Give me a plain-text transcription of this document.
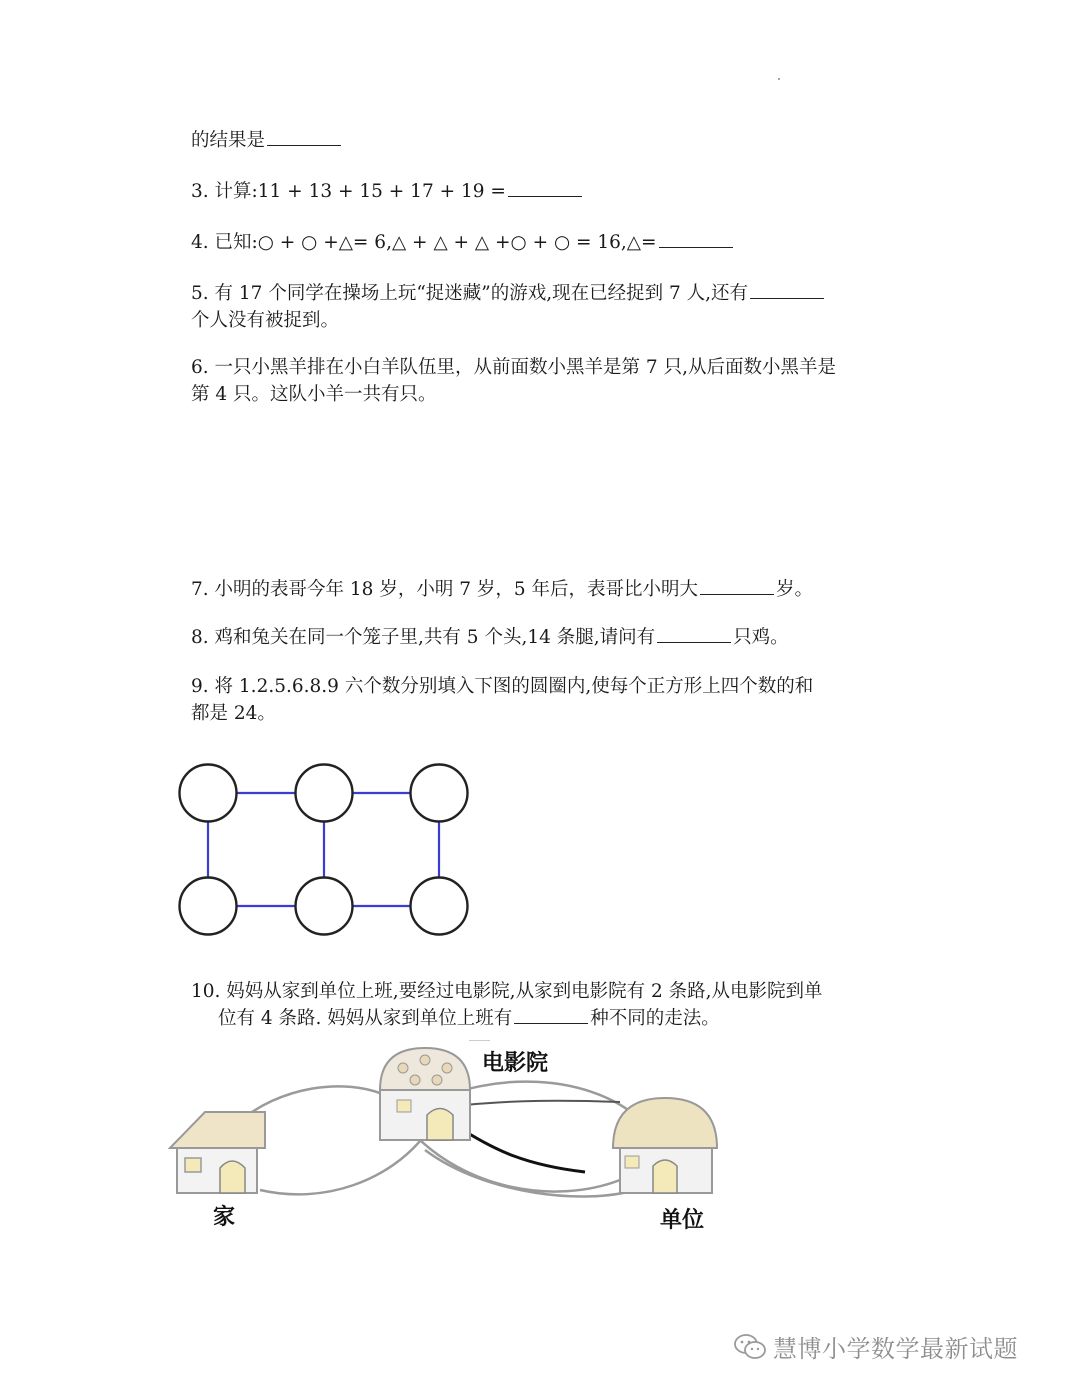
的结果是
3. 计算:11 + 13 + 15 + 17 + 19 =
4. 已知:○ + ○ +△= 6,△ + △ + △ +○ + ○ = 16,△=
5. 有 17 个同学在操场上玩“捉迷藏”的游戏,现在已经捉到 7 人,还有
个人没有被捉到。
6. 一只小黑羊排在小白羊队伍里，从前面数小黑羊是第 7 只,从后面数小黑羊是
第 4 只。这队小羊一共有只。
7. 小明的表哥今年 18 岁，小明 7 岁，5 年后，表哥比小明大	岁。
8. 鸡和兔关在同一个笼子里,共有 5 个头,14 条腿,请问有	只鸡。
9. 将 1.2.5.6.8.9 六个数分别填入下图的圆圈内,使每个正方形上四个数的和
都是 24。
10. 妈妈从家到单位上班,要经过电影院,从家到电影院有 2 条路,从电影院到单
位有 4 条路. 妈妈从家到单位上班有	种不同的走法。
电影院
家	单位
慧博小学数学最新试题
